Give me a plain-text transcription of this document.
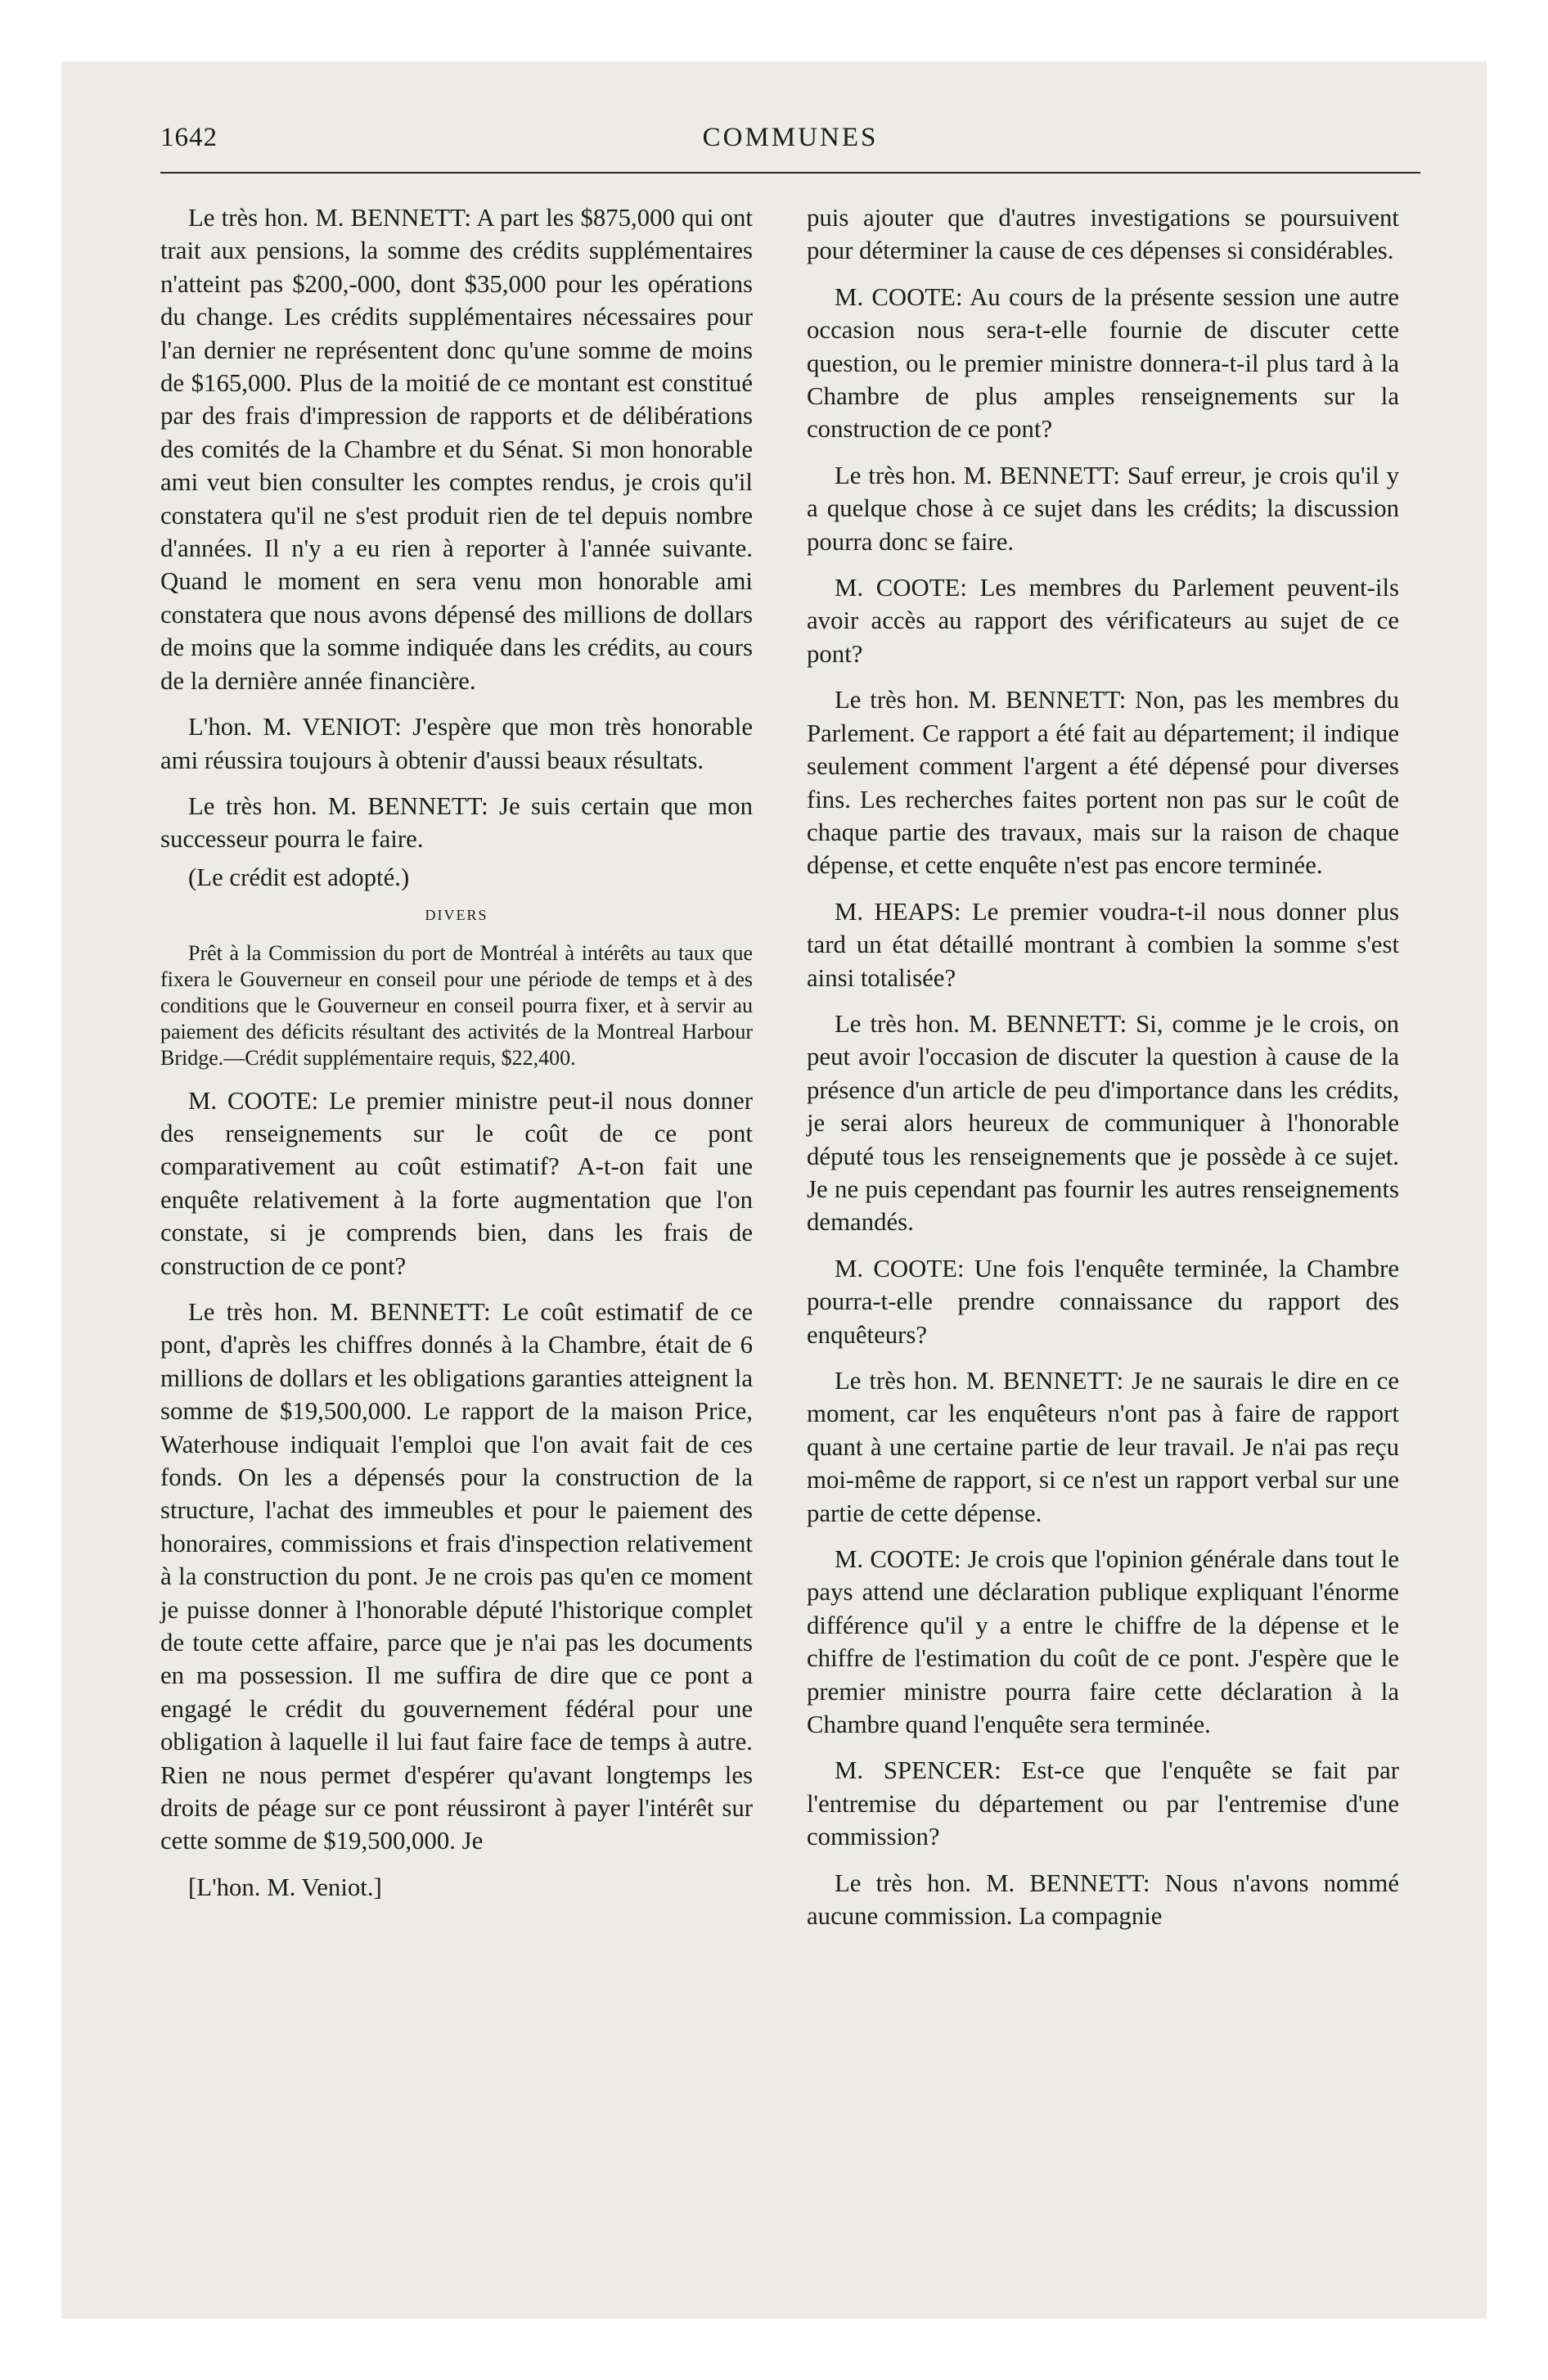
1642	COMMUNES

Le très hon. M. BENNETT: A part les $875,000 qui ont trait aux pensions, la somme des crédits supplémentaires n'atteint pas $200,-000, dont $35,000 pour les opérations du change. Les crédits supplémentaires nécessaires pour l'an dernier ne représentent donc qu'une somme de moins de $165,000. Plus de la moitié de ce montant est constitué par des frais d'impression de rapports et de délibérations des comités de la Chambre et du Sénat. Si mon honorable ami veut bien consulter les comptes rendus, je crois qu'il constatera qu'il ne s'est produit rien de tel depuis nombre d'années. Il n'y a eu rien à reporter à l'année suivante. Quand le moment en sera venu mon honorable ami constatera que nous avons dépensé des millions de dollars de moins que la somme indiquée dans les crédits, au cours de la dernière année financière.

L'hon. M. VENIOT: J'espère que mon très honorable ami réussira toujours à obtenir d'aussi beaux résultats.

Le très hon. M. BENNETT: Je suis certain que mon successeur pourra le faire.

(Le crédit est adopté.)

DIVERS
Prêt à la Commission du port de Montréal à intérêts au taux que fixera le Gouverneur en conseil pour une période de temps et à des conditions que le Gouverneur en conseil pourra fixer, et à servir au paiement des déficits résultant des activités de la Montreal Harbour Bridge.—Crédit supplémentaire requis, $22,400.

M. COOTE: Le premier ministre peut-il nous donner des renseignements sur le coût de ce pont comparativement au coût estimatif? A-t-on fait une enquête relativement à la forte augmentation que l'on constate, si je comprends bien, dans les frais de construction de ce pont?

Le très hon. M. BENNETT: Le coût estimatif de ce pont, d'après les chiffres donnés à la Chambre, était de 6 millions de dollars et les obligations garanties atteignent la somme de $19,500,000. Le rapport de la maison Price, Waterhouse indiquait l'emploi que l'on avait fait de ces fonds. On les a dépensés pour la construction de la structure, l'achat des immeubles et pour le paiement des honoraires, commissions et frais d'inspection relativement à la construction du pont. Je ne crois pas qu'en ce moment je puisse donner à l'honorable député l'historique complet de toute cette affaire, parce que je n'ai pas les documents en ma possession. Il me suffira de dire que ce pont a engagé le crédit du gouvernement fédéral pour une obligation à laquelle il lui faut faire face de temps à autre. Rien ne nous permet d'espérer qu'avant longtemps les droits de péage sur ce pont réussiront à payer l'intérêt sur cette somme de $19,500,000. Je

[L'hon. M. Veniot.]

puis ajouter que d'autres investigations se poursuivent pour déterminer la cause de ces dépenses si considérables.

M. COOTE: Au cours de la présente session une autre occasion nous sera-t-elle fournie de discuter cette question, ou le premier ministre donnera-t-il plus tard à la Chambre de plus amples renseignements sur la construction de ce pont?

Le très hon. M. BENNETT: Sauf erreur, je crois qu'il y a quelque chose à ce sujet dans les crédits; la discussion pourra donc se faire.

M. COOTE: Les membres du Parlement peuvent-ils avoir accès au rapport des vérificateurs au sujet de ce pont?

Le très hon. M. BENNETT: Non, pas les membres du Parlement. Ce rapport a été fait au département; il indique seulement comment l'argent a été dépensé pour diverses fins. Les recherches faites portent non pas sur le coût de chaque partie des travaux, mais sur la raison de chaque dépense, et cette enquête n'est pas encore terminée.

M. HEAPS: Le premier voudra-t-il nous donner plus tard un état détaillé montrant à combien la somme s'est ainsi totalisée?

Le très hon. M. BENNETT: Si, comme je le crois, on peut avoir l'occasion de discuter la question à cause de la présence d'un article de peu d'importance dans les crédits, je serai alors heureux de communiquer à l'honorable député tous les renseignements que je possède à ce sujet. Je ne puis cependant pas fournir les autres renseignements demandés.

M. COOTE: Une fois l'enquête terminée, la Chambre pourra-t-elle prendre connaissance du rapport des enquêteurs?

Le très hon. M. BENNETT: Je ne saurais le dire en ce moment, car les enquêteurs n'ont pas à faire de rapport quant à une certaine partie de leur travail. Je n'ai pas reçu moi-même de rapport, si ce n'est un rapport verbal sur une partie de cette dépense.

M. COOTE: Je crois que l'opinion générale dans tout le pays attend une déclaration publique expliquant l'énorme différence qu'il y a entre le chiffre de la dépense et le chiffre de l'estimation du coût de ce pont. J'espère que le premier ministre pourra faire cette déclaration à la Chambre quand l'enquête sera terminée.

M. SPENCER: Est-ce que l'enquête se fait par l'entremise du département ou par l'entremise d'une commission?

Le très hon. M. BENNETT: Nous n'avons nommé aucune commission. La compagnie
